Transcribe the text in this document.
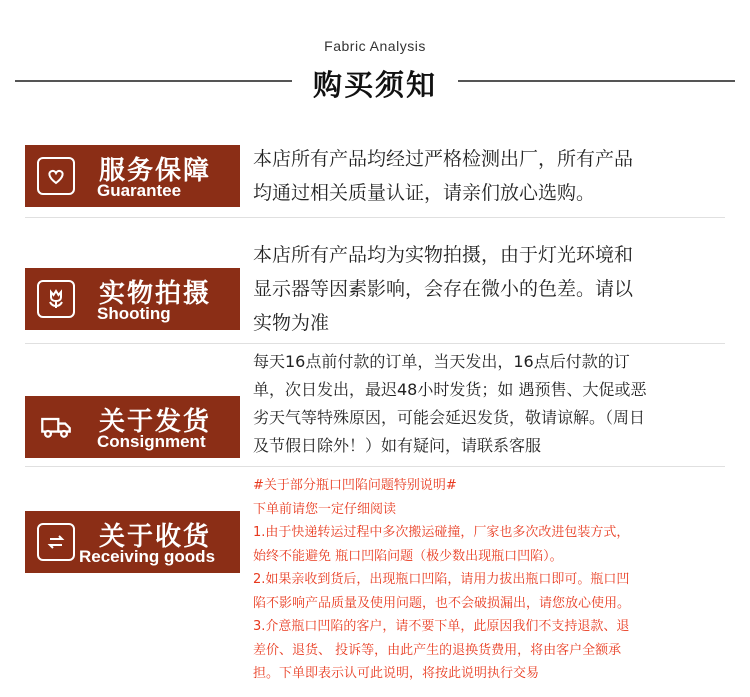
Fabric Analysis
购买须知
服务保障
Guarantee
本店所有产品均经过严格检测出厂，所有产品
均通过相关质量认证，请亲们放心选购。
实物拍摄
Shooting
本店所有产品均为实物拍摄，由于灯光环境和
显示器等因素影响，会存在微小的色差。请以
实物为准
关于发货
Consignment
每天16点前付款的订单，当天发出，16点后付款的订
单，次日发出，最迟48小时发货；如 遇预售、大促或恶
劣天气等特殊原因，可能会延迟发货，敬请谅解。（周日
及节假日除外！）如有疑问，请联系客服
关于收货
Receiving goods
#关于部分瓶口凹陷问题特别说明#
下单前请您一定仔细阅读
1.由于快递转运过程中多次搬运碰撞，厂家也多次改进包装方式，
始终不能避免 瓶口凹陷问题（极少数出现瓶口凹陷）。
2.如果亲收到货后，出现瓶口凹陷，请用力拔出瓶口即可。瓶口凹
陷不影响产品质量及使用问题，也不会破损漏出，请您放心使用。
3.介意瓶口凹陷的客户，请不要下单，此原因我们不支持退款、退
差价、退货、 投诉等，由此产生的退换货费用，将由客户全额承
担。下单即表示认可此说明，将按此说明执行交易
